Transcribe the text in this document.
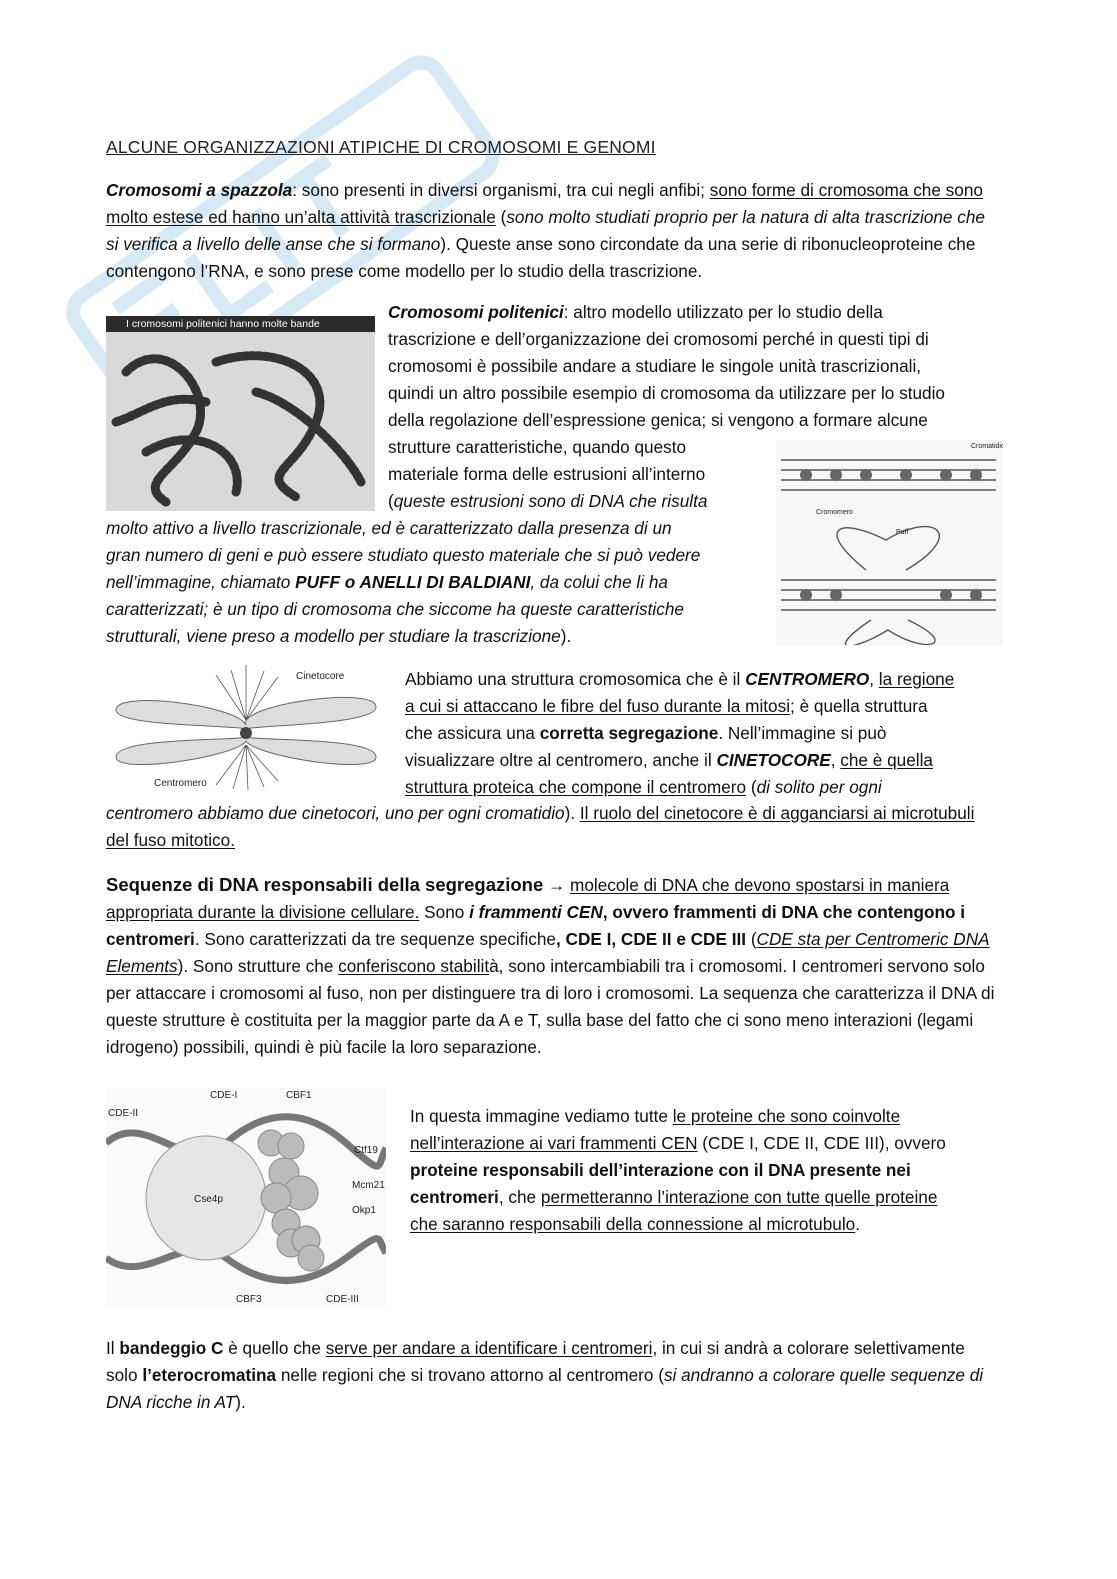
ALCUNE ORGANIZZAZIONI ATIPICHE DI CROMOSOMI E GENOMI

Cromosomi a spazzola: sono presenti in diversi organismi, tra cui negli anfibi; sono forme di cromosoma che sono molto estese ed hanno un’alta attività trascrizionale (sono molto studiati proprio per la natura di alta trascrizione che si verifica a livello delle anse che si formano). Queste anse sono circondate da una serie di ribonucleoproteine che contengono l’RNA, e sono prese come modello per lo studio della trascrizione.

I cromosomi politenici hanno molte bande
Cromosomi politenici: altro modello utilizzato per lo studio della
trascrizione e dell’organizzazione dei cromosomi perché in questi tipi di
cromosomi è possibile andare a studiare le singole unità trascrizionali,
quindi un altro possibile esempio di cromosoma da utilizzare per lo studio
della regolazione dell’espressione genica; si vengono a formare alcune
strutture caratteristiche, quando questo
materiale forma delle estrusioni all’interno
(queste estrusioni sono di DNA che risulta
molto attivo a livello trascrizionale, ed è caratterizzato dalla presenza di un
gran numero di geni e può essere studiato questo materiale che si può vedere
nell’immagine, chiamato PUFF o ANELLI DI BALDIANI, da colui che li ha
caratterizzati; è un tipo di cromosoma che siccome ha queste caratteristiche
strutturali, viene preso a modello per studiare la trascrizione).
Cromatidio
Cromomero
Puff
Cinetocore
Centromero
Abbiamo una struttura cromosomica che è il CENTROMERO, la regione
a cui si attaccano le fibre del fuso durante la mitosi; è quella struttura
che assicura una corretta segregazione. Nell’immagine si può
visualizzare oltre al centromero, anche il CINETOCORE, che è quella
struttura proteica che compone il centromero (di solito per ogni

centromero abbiamo due cinetocori, uno per ogni cromatidio). Il ruolo del cinetocore è di agganciarsi ai microtubuli del fuso mitotico.

Sequenze di DNA responsabili della segregazione → molecole di DNA che devono spostarsi in maniera appropriata durante la divisione cellulare. Sono i frammenti CEN, ovvero frammenti di DNA che contengono i centromeri. Sono caratterizzati da tre sequenze specifiche, CDE I, CDE II e CDE III (CDE sta per Centromeric DNA Elements). Sono strutture che conferiscono stabilità, sono intercambiabili tra i cromosomi. I centromeri servono solo per attaccare i cromosomi al fuso, non per distinguere tra di loro i cromosomi. La sequenza che caratterizza il DNA di queste strutture è costituita per la maggior parte da A e T, sulla base del fatto che ci sono meno interazioni (legami idrogeno) possibili, quindi è più facile la loro separazione.

CDE-I	CBF1
CDE-II
Ctf19
Mcm21
Okp1
Cse4p
CBF3	CDE-III
In questa immagine vediamo tutte le proteine che sono coinvolte
nell’interazione ai vari frammenti CEN (CDE I, CDE II, CDE III), ovvero
proteine responsabili dell’interazione con il DNA presente nei
centromeri, che permetteranno l’interazione con tutte quelle proteine
che saranno responsabili della connessione al microtubulo.

Il bandeggio C è quello che serve per andare a identificare i centromeri, in cui si andrà a colorare selettivamente solo l’eterocromatina nelle regioni che si trovano attorno al centromero (si andranno a colorare quelle sequenze di DNA ricche in AT).
